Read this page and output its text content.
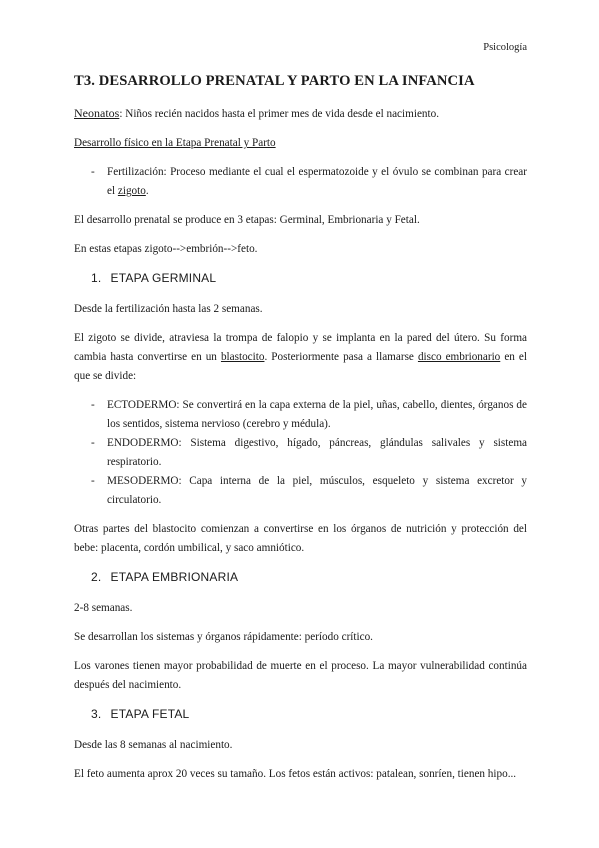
Psicología
T3. DESARROLLO PRENATAL Y PARTO EN LA INFANCIA

Neonatos: Niños recién nacidos hasta el primer mes de vida desde el nacimiento.

Desarrollo físico en la Etapa Prenatal y Parto

- Fertilización: Proceso mediante el cual el espermatozoide y el óvulo se combinan para crear el zigoto.

El desarrollo prenatal se produce en 3 etapas: Germinal, Embrionaria y Fetal.

En estas etapas zigoto-->embrión-->feto.

1. ETAPA GERMINAL

Desde la fertilización hasta las 2 semanas.

El zigoto se divide, atraviesa la trompa de falopio y se implanta en la pared del útero. Su forma cambia hasta convertirse en un blastocito. Posteriormente pasa a llamarse disco embrionario en el que se divide:

- ECTODERMO: Se convertirá en la capa externa de la piel, uñas, cabello, dientes, órganos de los sentidos, sistema nervioso (cerebro y médula).
- ENDODERMO: Sistema digestivo, hígado, páncreas, glándulas salivales y sistema respiratorio.
- MESODERMO: Capa interna de la piel, músculos, esqueleto y sistema excretor y circulatorio.

Otras partes del blastocito comienzan a convertirse en los órganos de nutrición y protección del bebe: placenta, cordón umbilical, y saco amniótico.

2. ETAPA EMBRIONARIA

2-8 semanas.

Se desarrollan los sistemas y órganos rápidamente: período crítico.

Los varones tienen mayor probabilidad de muerte en el proceso. La mayor vulnerabilidad continúa después del nacimiento.

3. ETAPA FETAL

Desde las 8 semanas al nacimiento.

El feto aumenta aprox 20 veces su tamaño. Los fetos están activos: patalean, sonríen, tienen hipo...
